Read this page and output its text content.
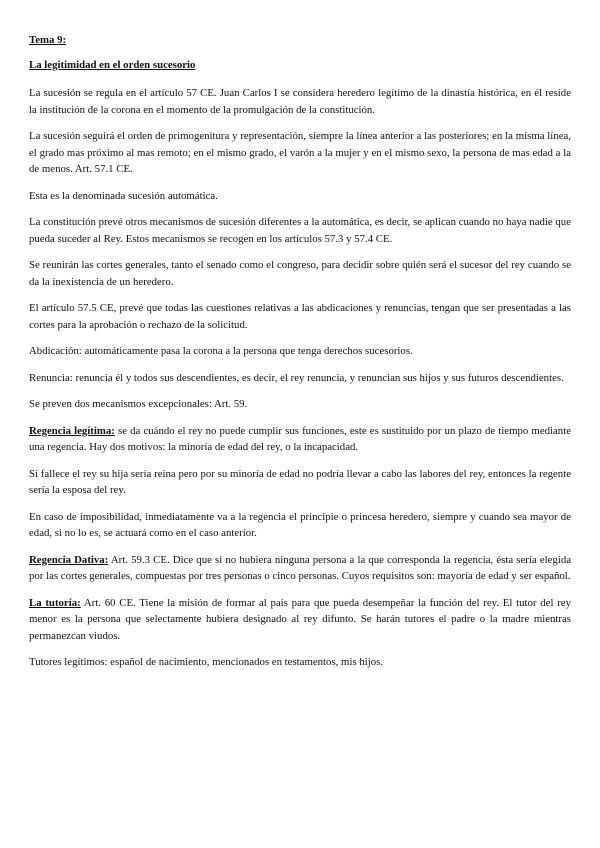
Tema 9:
La legitimidad en el orden sucesorio

La sucesión se regula en el artículo 57 CE. Juan Carlos I se considera heredero legítimo de la dinastía histórica, en él reside la institución de la corona en el momento de la promulgación de la constitución.

La sucesión seguirá el orden de primogenitura y representación, siempre la línea anterior a las posteriores; en la misma línea, el grado mas próximo al mas remoto; en el mismo grado, el varón a la mujer y en el mismo sexo, la persona de mas edad a la de menos. Art. 57.1 CE.

Esta es la denominada sucesión automática.

La constitución prevé otros mecanismos de sucesión diferentes a la automática, es decir, se aplican cuando no haya nadie que pueda suceder al Rey. Estos mecanismos se recogen en los artículos 57.3 y 57.4 CE.

Se reunirán las cortes generales, tanto el senado como el congreso, para decidir sobre quién será el sucesor del rey cuando se da la inexistencia de un heredero.

El artículo 57.5 CE, prevé que todas las cuestiones relativas a las abdicaciones y renuncias, tengan que ser presentadas a las cortes para la aprobación o rechazo de la solicitud.

Abdicación: automáticamente pasa la corona a la persona que tenga derechos sucesorios.

Renuncia: renuncia él y todos sus descendientes, es decir, el rey renuncia, y renuncian sus hijos y sus futuros descendientes.

Se preven dos mecanismos excepcionales: Art. 59.

Regencia legítima: se da cuándo el rey no puede cumplir sus funciones, este es sustituido por un plazo de tiempo mediante una regencia. Hay dos motivos: la minoría de edad del rey, o la incapacidad.

Si fallece el rey su hija sería reina pero por su minoría de edad no podría llevar a cabo las labores del rey, entonces la regente sería la esposa del rey.

En caso de imposibilidad, inmediatamente va a la regencia el principie o princesa heredero, siempre y cuando sea mayor de edad, si no lo es, se actuará como en el caso anterior.

Regencia Dativa: Art. 59.3 CE. Dice que si no hubiera ninguna persona a la que corresponda la regencia, ésta sería elegida por las cortes generales, compuestas por tres personas o cinco personas. Cuyos requisitos son: mayoría de edad y ser español.

La tutoría: Art. 60 CE. Tiene la misión de formar al país para que pueda desempeñar la función del rey. El tutor del rey menor es la persona que selectamente hubiera designado al rey difunto. Se harán tutores el padre o la madre mientras permanezcan viudos.

Tutores legítimos: español de nacimiento, mencionados en testamentos, mis hijos.
